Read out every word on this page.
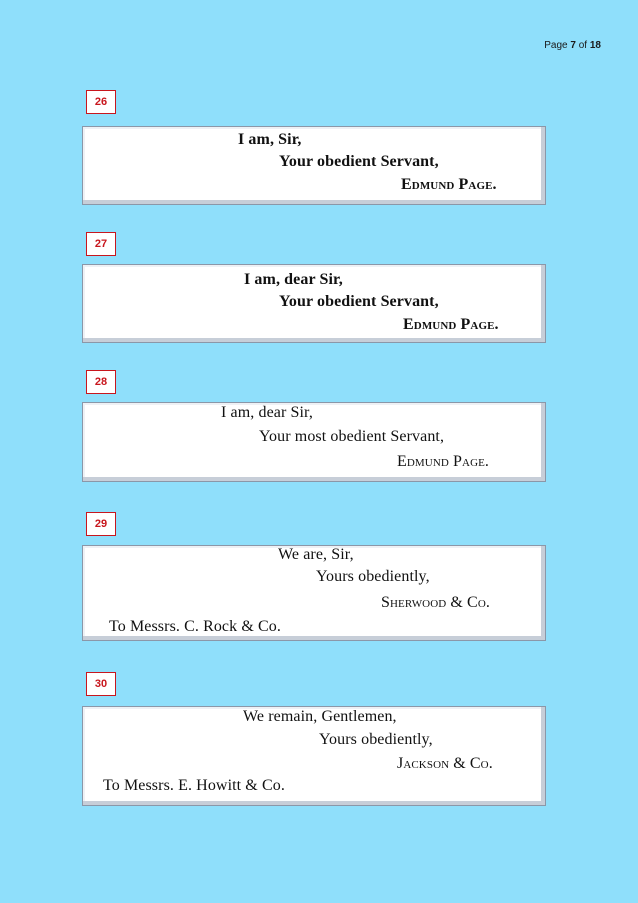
Page 7 of 18
26
I am, Sir,
Your obedient Servant,
Edmund Page.
27
I am, dear Sir,
Your obedient Servant,
Edmund Page.
28
I am, dear Sir,
Your most obedient Servant,
Edmund Page.
29
We are, Sir,
Yours obediently,
Sherwood & Co.
To Messrs. C. Rock & Co.
30
We remain, Gentlemen,
Yours obediently,
Jackson & Co.
To Messrs. E. Howitt & Co.
